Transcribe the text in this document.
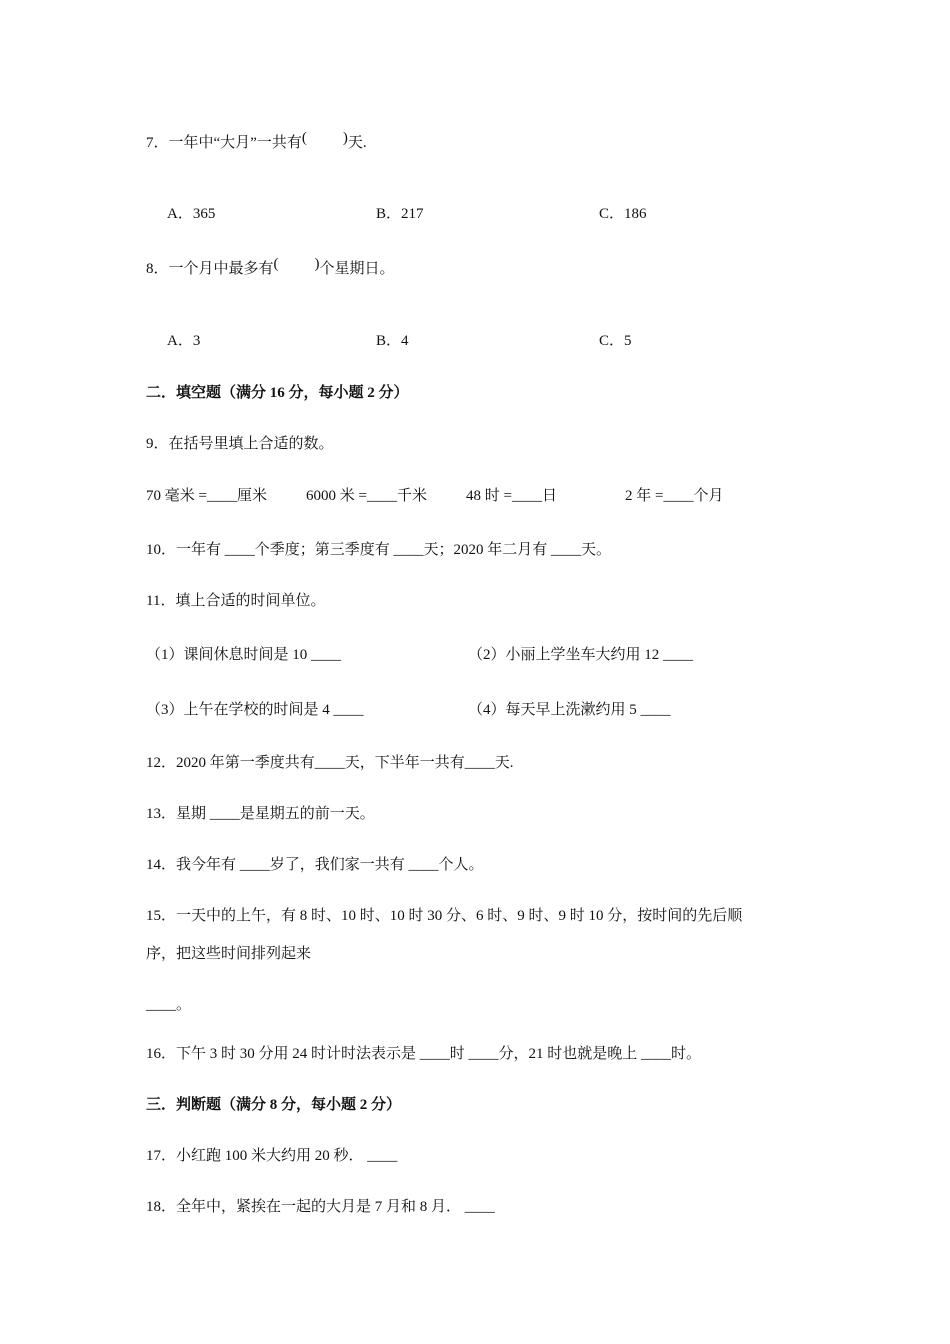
7．一年中“大月”一共有( )天.
A．365	B．217	C．186
8．一个月中最多有( )个星期日。
A．3	B．4	C．5
二．填空题（满分 16 分，每小题 2 分）
9．在括号里填上合适的数。
70 毫米 =____厘米	6000 米 =____千米	48 时 =____日	2 年 =____个月
10．一年有 ____个季度；第三季度有 ____天；2020 年二月有 ____天。
11．填上合适的时间单位。
（1）课间休息时间是 10 ____	（2）小丽上学坐车大约用 12 ____
（3）上午在学校的时间是 4 ____	（4）每天早上洗漱约用 5 ____
12．2020 年第一季度共有____天，下半年一共有____天.
13．星期 ____是星期五的前一天。
14．我今年有 ____岁了，我们家一共有 ____个人。
15．一天中的上午，有 8 时、10 时、10 时 30 分、6 时、9 时、9 时 10 分，按时间的先后顺
序，把这些时间排列起来
____。
16．下午 3 时 30 分用 24 时计时法表示是 ____时 ____分，21 时也就是晚上 ____时。
三．判断题（满分 8 分，每小题 2 分）
17．小红跑 100 米大约用 20 秒． ____
18．全年中，紧挨在一起的大月是 7 月和 8 月． ____
